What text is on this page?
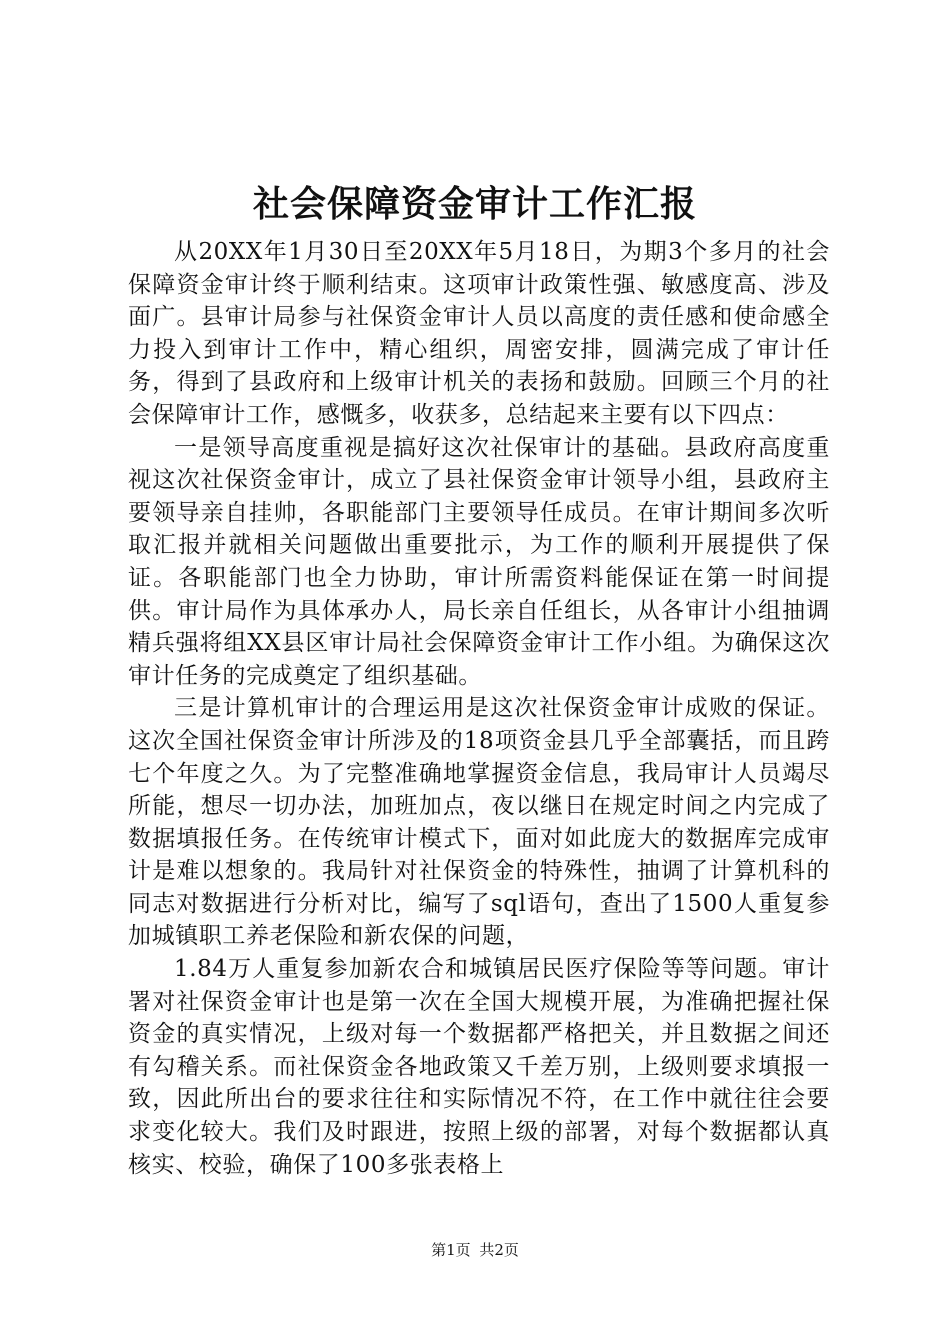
社会保障资金审计工作汇报

从20XX年1月30日至20XX年5月18日，为期3个多月的社会保障资金审计终于顺利结束。这项审计政策性强、敏感度高、涉及面广。县审计局参与社保资金审计人员以高度的责任感和使命感全力投入到审计工作中，精心组织，周密安排，圆满完成了审计任务，得到了县政府和上级审计机关的表扬和鼓励。回顾三个月的社会保障审计工作，感慨多，收获多，总结起来主要有以下四点：

一是领导高度重视是搞好这次社保审计的基础。县政府高度重视这次社保资金审计，成立了县社保资金审计领导小组，县政府主要领导亲自挂帅，各职能部门主要领导任成员。在审计期间多次听取汇报并就相关问题做出重要批示，为工作的顺利开展提供了保证。各职能部门也全力协助，审计所需资料能保证在第一时间提供。审计局作为具体承办人，局长亲自任组长，从各审计小组抽调精兵强将组XX县区审计局社会保障资金审计工作小组。为确保这次审计任务的完成奠定了组织基础。

三是计算机审计的合理运用是这次社保资金审计成败的保证。这次全国社保资金审计所涉及的18项资金县几乎全部囊括，而且跨七个年度之久。为了完整准确地掌握资金信息，我局审计人员竭尽所能，想尽一切办法，加班加点，夜以继日在规定时间之内完成了数据填报任务。在传统审计模式下，面对如此庞大的数据库完成审计是难以想象的。我局针对社保资金的特殊性，抽调了计算机科的同志对数据进行分析对比，编写了sql语句，查出了1500人重复参加城镇职工养老保险和新农保的问题，

1.84万人重复参加新农合和城镇居民医疗保险等等问题。审计署对社保资金审计也是第一次在全国大规模开展，为准确把握社保资金的真实情况，上级对每一个数据都严格把关，并且数据之间还有勾稽关系。而社保资金各地政策又千差万别，上级则要求填报一致，因此所出台的要求往往和实际情况不符，在工作中就往往会要求变化较大。我们及时跟进，按照上级的部署，对每个数据都认真核实、校验，确保了100多张表格上

第1页 共2页
